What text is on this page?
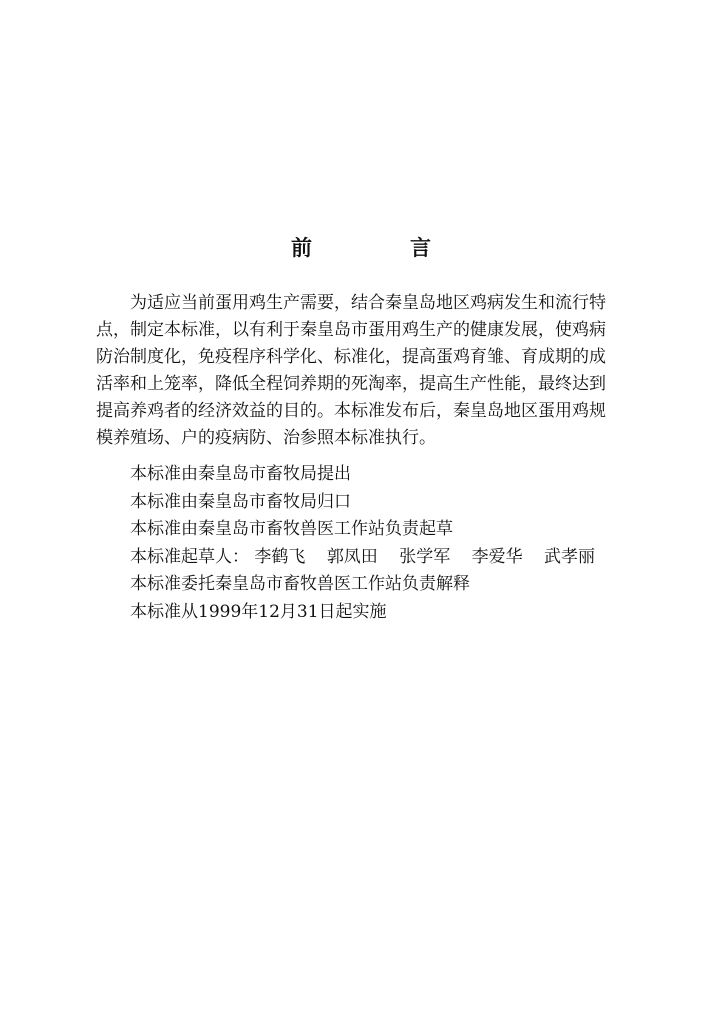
前	言
为适应当前蛋用鸡生产需要，结合秦皇岛地区鸡病发生和流行特
点，制定本标准，以有利于秦皇岛市蛋用鸡生产的健康发展，使鸡病
防治制度化，免疫程序科学化、标准化，提高蛋鸡育雏、育成期的成
活率和上笼率，降低全程饲养期的死淘率，提高生产性能，最终达到
提高养鸡者的经济效益的目的。本标准发布后，秦皇岛地区蛋用鸡规
模养殖场、户的疫病防、治参照本标准执行。
本标准由秦皇岛市畜牧局提出
本标准由秦皇岛市畜牧局归口
本标准由秦皇岛市畜牧兽医工作站负责起草
本标准起草人： 李鹤飞 郭凤田 张学军 李爱华 武孝丽
本标准委托秦皇岛市畜牧兽医工作站负责解释
本标准从1999年12月31日起实施
